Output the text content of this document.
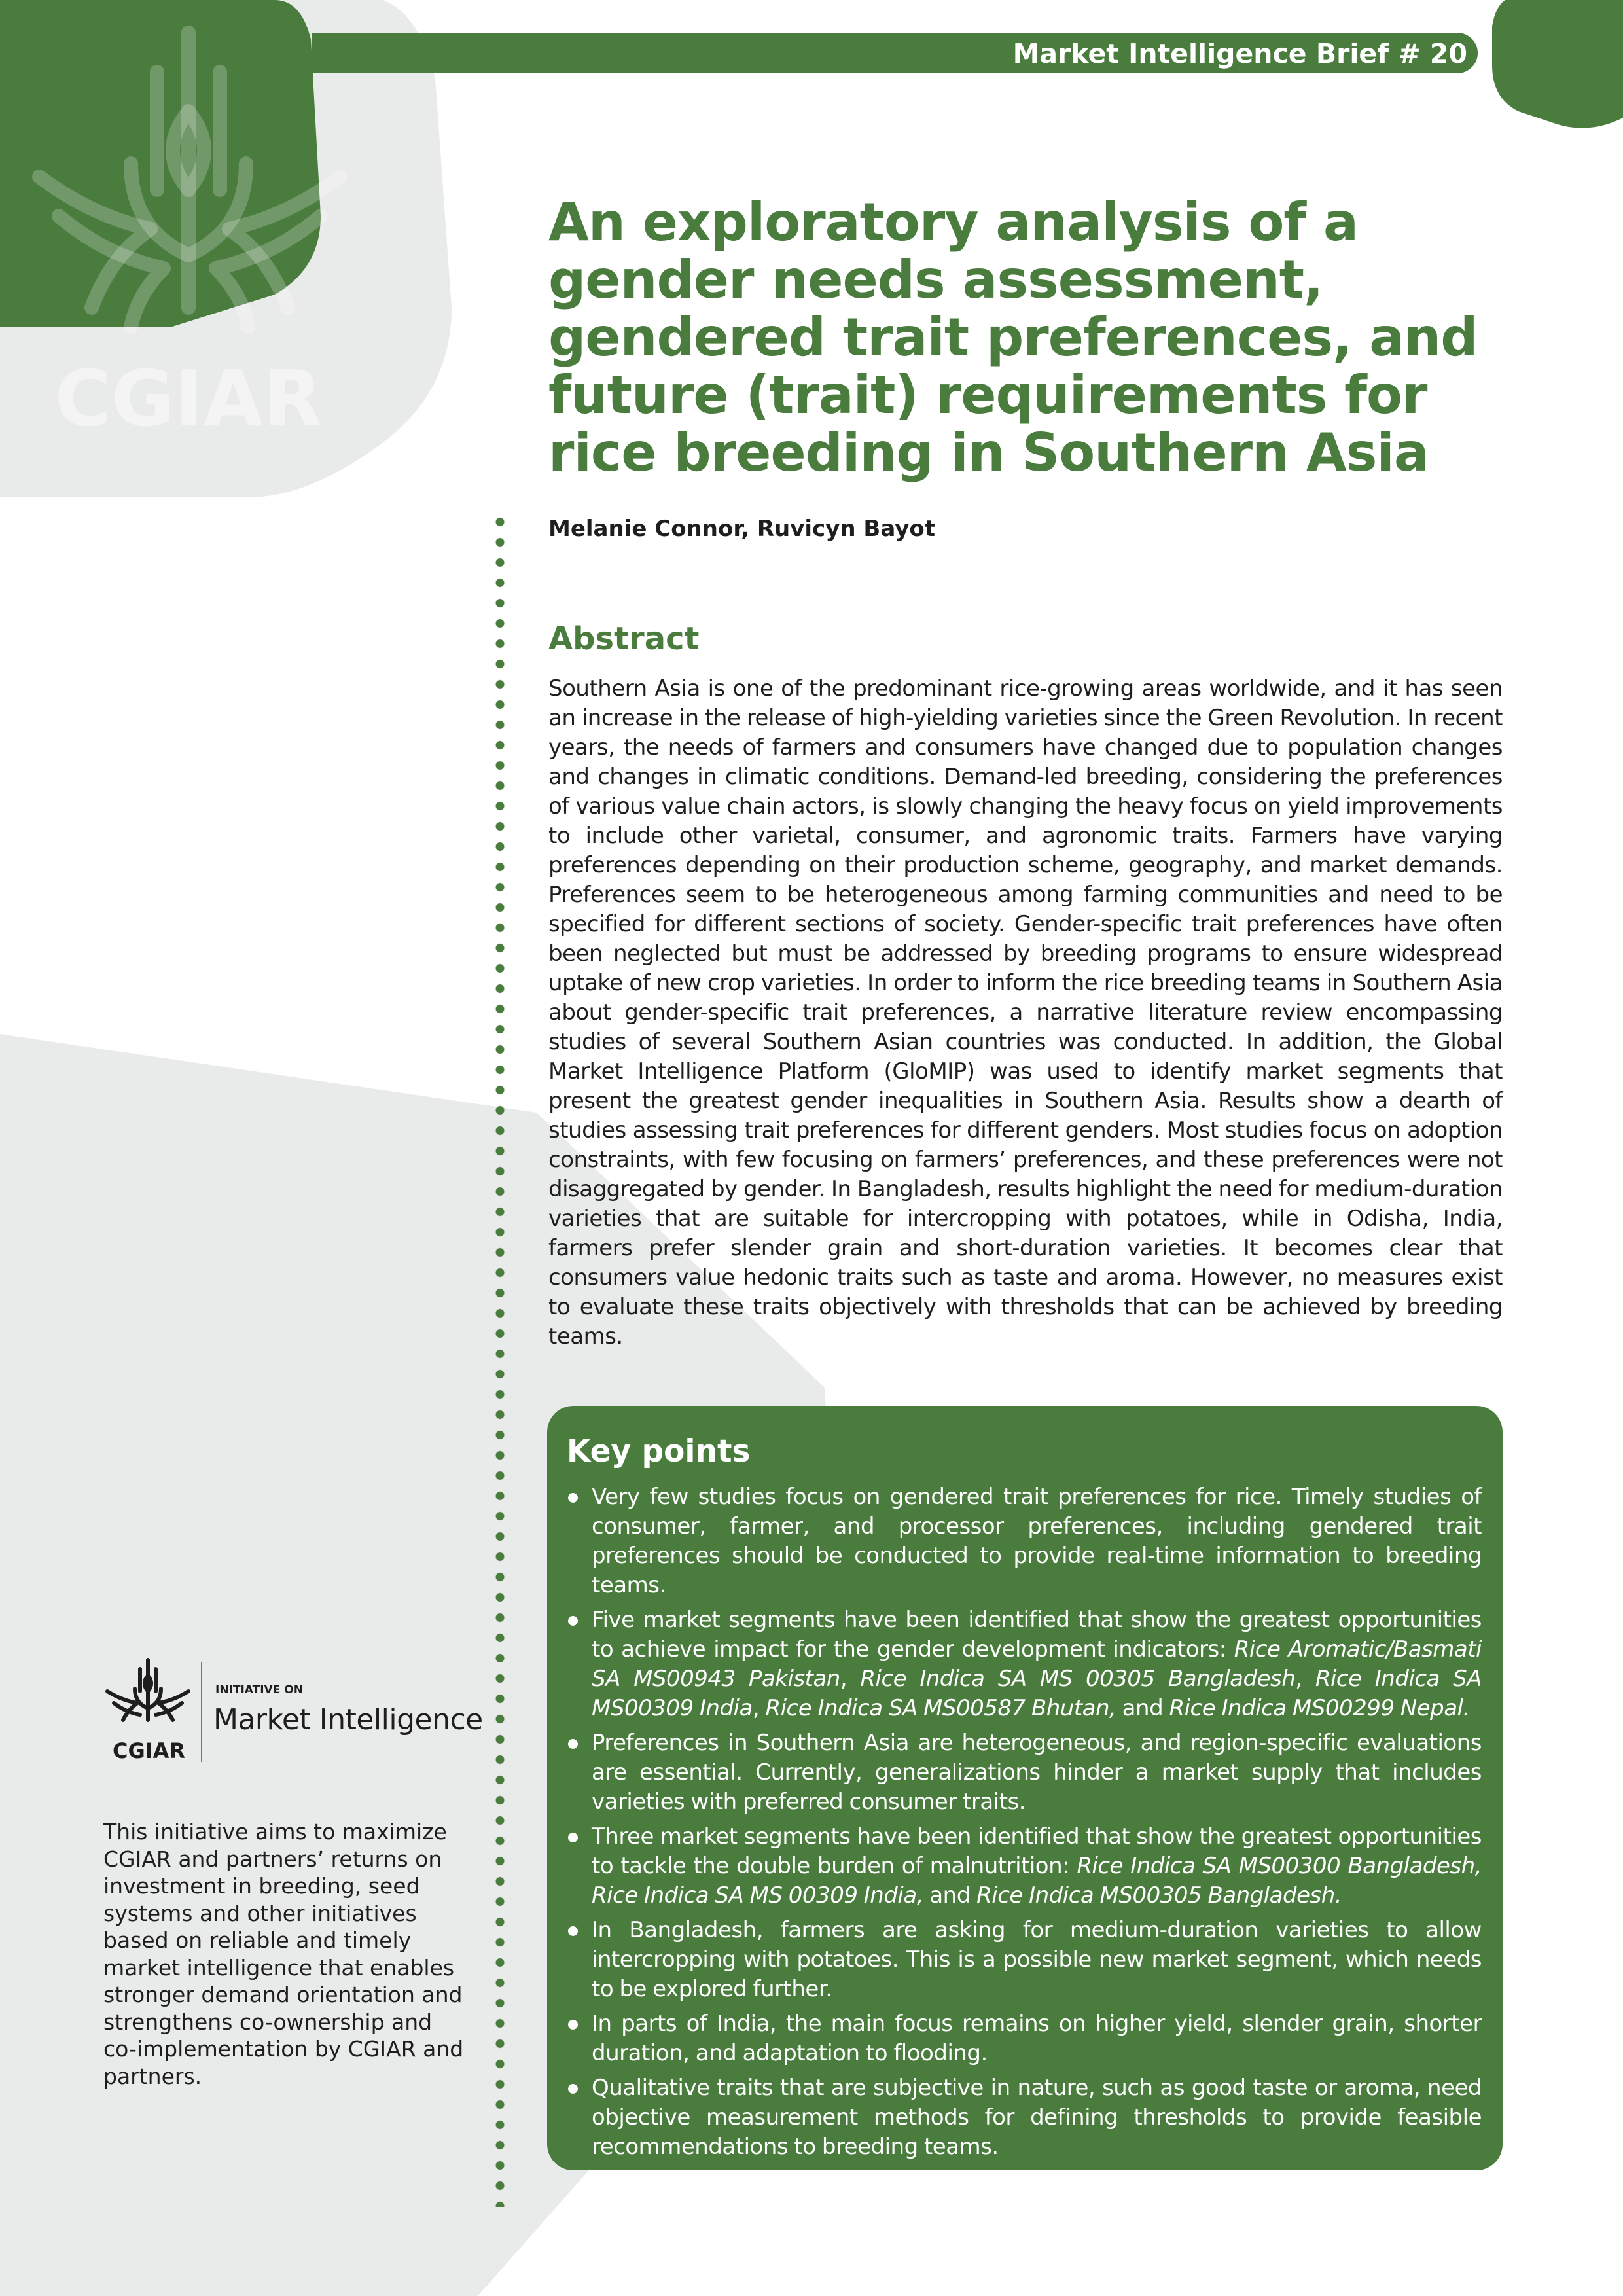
CGIAR
Market Intelligence Brief # 20
An exploratory analysis of a gender needs assessment, gendered trait preferences, and future (trait) requirements for rice breeding in Southern Asia
Melanie Connor, Ruvicyn Bayot
Abstract

Southern Asia is one of the predominant rice-growing areas worldwide, and it has seen an increase in the release of high-yielding varieties since the Green Revolution. In recent years, the needs of farmers and consumers have changed due to population changes and changes in climatic conditions. Demand-led breeding, considering the preferences of various value chain actors, is slowly changing the heavy focus on yield improvements to include other varietal, consumer, and agronomic traits. Farmers have varying preferences depending on their production scheme, geography, and market demands. Preferences seem to be heterogeneous among farming communities and need to be specified for different sections of society. Gender-specific trait preferences have often been neglected but must be addressed by breeding programs to ensure widespread uptake of new crop varieties. In order to inform the rice breeding teams in Southern Asia about gender-specific trait preferences, a narrative literature review encompassing studies of several Southern Asian countries was conducted. In addition, the Global Market Intelligence Platform (GloMIP) was used to identify market segments that present the greatest gender inequalities in Southern Asia. Results show a dearth of studies assessing trait preferences for different genders. Most studies focus on adoption constraints, with few focusing on farmers’ preferences, and these preferences were not disaggregated by gender. In Bangladesh, results highlight the need for medium-duration varieties that are suitable for intercropping with potatoes, while in Odisha, India, farmers prefer slender grain and short-duration varieties. It becomes clear that consumers value hedonic traits such as taste and aroma. However, no measures exist to evaluate these traits objectively with thresholds that can be achieved by breeding teams.

Key points
Very few studies focus on gendered trait preferences for rice. Timely studies of consumer, farmer, and processor preferences, including gendered trait preferences should be conducted to provide real-time information to breeding teams.
Five market segments have been identified that show the greatest opportunities to achieve impact for the gender development indicators: Rice Aromatic/Basmati SA MS00943 Pakistan, Rice Indica SA MS 00305 Bangladesh, Rice Indica SA MS00309 India, Rice Indica SA MS00587 Bhutan, and Rice Indica MS00299 Nepal.
Preferences in Southern Asia are heterogeneous, and region-specific evaluations are essential. Currently, generalizations hinder a market supply that includes varieties with preferred consumer traits.
Three market segments have been identified that show the greatest opportunities to tackle the double burden of malnutrition: Rice Indica SA MS00300 Bangladesh, Rice Indica SA MS 00309 India, and Rice Indica MS00305 Bangladesh.
In Bangladesh, farmers are asking for medium-duration varieties to allow intercropping with potatoes. This is a possible new market segment, which needs to be explored further.
In parts of India, the main focus remains on higher yield, slender grain, shorter duration, and adaptation to flooding.
Qualitative traits that are subjective in nature, such as good taste or aroma, need objective measurement methods for defining thresholds to provide feasible recommendations to breeding teams.
CGIAR
INITIATIVE ON
Market Intelligence

This initiative aims to maximize CGIAR and partners’ returns on investment in breeding, seed systems and other initiatives based on reliable and timely market intelligence that enables stronger demand orientation and strengthens co-ownership and co-implementation by CGIAR and partners.
